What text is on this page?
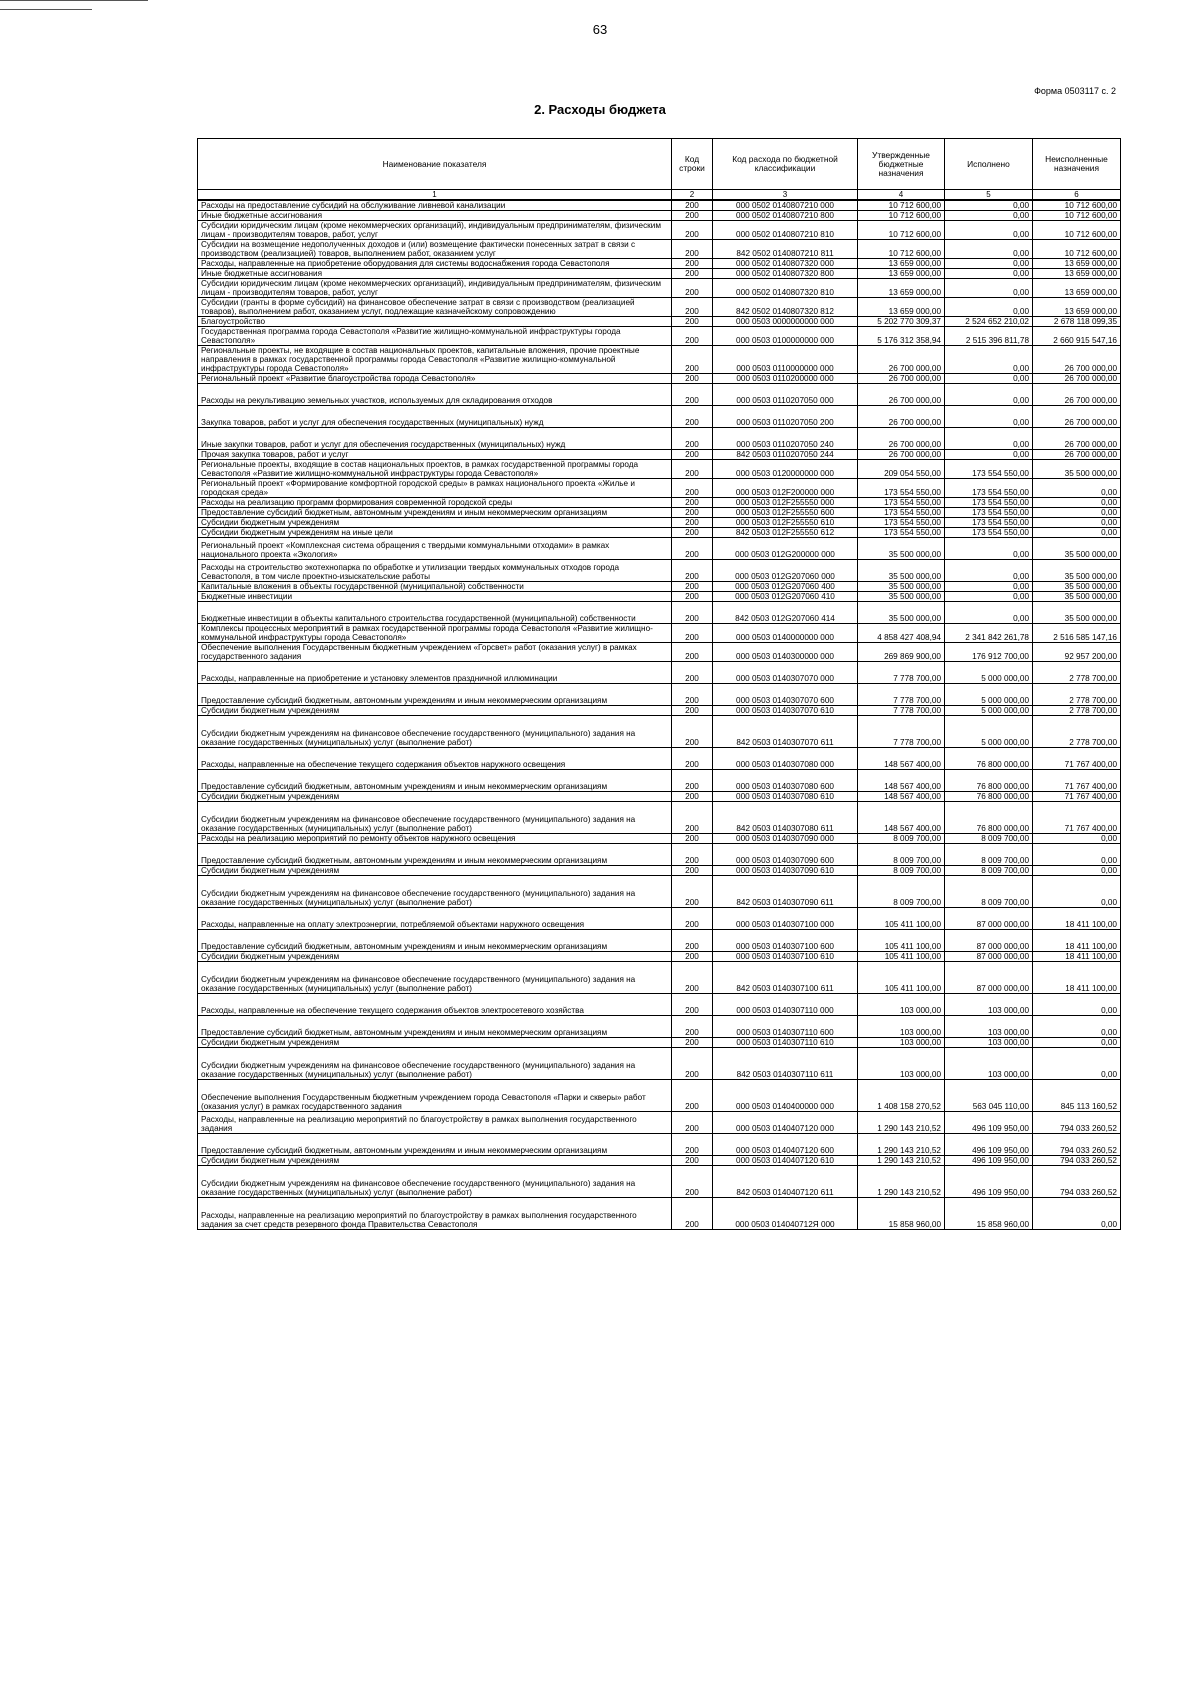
63
Форма 0503117 с. 2
2. Расходы бюджета
Наименование показателя	Код строки	Код расхода по бюджетной классификации	Утвержденные бюджетные назначения	Исполнено	Неисполненные назначения
1	2	3	4	5	6
Расходы на предоставление субсидий на обслуживание ливневой канализации	200	000 0502 0140807210 000	10 712 600,00	0,00	10 712 600,00
Иные бюджетные ассигнования	200	000 0502 0140807210 800	10 712 600,00	0,00	10 712 600,00
Субсидии юридическим лицам (кроме некоммерческих организаций), индивидуальным предпринимателям, физическим лицам - производителям товаров, работ, услуг	200	000 0502 0140807210 810	10 712 600,00	0,00	10 712 600,00
Субсидии на возмещение недополученных доходов и (или) возмещение фактически понесенных затрат в связи с производством (реализацией) товаров, выполнением работ, оказанием услуг	200	842 0502 0140807210 811	10 712 600,00	0,00	10 712 600,00
Расходы, направленные на приобретение оборудования для системы водоснабжения города Севастополя	200	000 0502 0140807320 000	13 659 000,00	0,00	13 659 000,00
Иные бюджетные ассигнования	200	000 0502 0140807320 800	13 659 000,00	0,00	13 659 000,00
Субсидии юридическим лицам (кроме некоммерческих организаций), индивидуальным предпринимателям, физическим лицам - производителям товаров, работ, услуг	200	000 0502 0140807320 810	13 659 000,00	0,00	13 659 000,00
Субсидии (гранты в форме субсидий) на финансовое обеспечение затрат в связи с производством (реализацией товаров), выполнением работ, оказанием услуг, подлежащие казначейскому сопровождению	200	842 0502 0140807320 812	13 659 000,00	0,00	13 659 000,00
Благоустройство	200	000 0503 0000000000 000	5 202 770 309,37	2 524 652 210,02	2 678 118 099,35
Государственная программа города Севастополя «Развитие жилищно-коммунальной инфраструктуры города Севастополя»	200	000 0503 0100000000 000	5 176 312 358,94	2 515 396 811,78	2 660 915 547,16
Региональные проекты, не входящие в состав национальных проектов, капитальные вложения, прочие проектные направления в рамках государственной программы города Севастополя «Развитие жилищно-коммунальной инфраструктуры города Севастополя»	200	000 0503 0110000000 000	26 700 000,00	0,00	26 700 000,00
Региональный проект «Развитие благоустройства города Севастополя»	200	000 0503 0110200000 000	26 700 000,00	0,00	26 700 000,00
Расходы на рекультивацию земельных участков, используемых для складирования отходов	200	000 0503 0110207050 000	26 700 000,00	0,00	26 700 000,00
Закупка товаров, работ и услуг для обеспечения государственных (муниципальных) нужд	200	000 0503 0110207050 200	26 700 000,00	0,00	26 700 000,00
Иные закупки товаров, работ и услуг для обеспечения государственных (муниципальных) нужд	200	000 0503 0110207050 240	26 700 000,00	0,00	26 700 000,00
Прочая закупка товаров, работ и услуг	200	842 0503 0110207050 244	26 700 000,00	0,00	26 700 000,00
Региональные проекты, входящие в состав национальных проектов, в рамках государственной программы города Севастополя «Развитие жилищно-коммунальной инфраструктуры города Севастополя»	200	000 0503 0120000000 000	209 054 550,00	173 554 550,00	35 500 000,00
Региональный проект «Формирование комфортной городской среды» в рамках национального проекта «Жилье и городская среда»	200	000 0503 012F200000 000	173 554 550,00	173 554 550,00	0,00
Расходы на реализацию программ формирования современной городской среды	200	000 0503 012F255550 000	173 554 550,00	173 554 550,00	0,00
Предоставление субсидий бюджетным, автономным учреждениям и иным некоммерческим организациям	200	000 0503 012F255550 600	173 554 550,00	173 554 550,00	0,00
Субсидии бюджетным учреждениям	200	000 0503 012F255550 610	173 554 550,00	173 554 550,00	0,00
Субсидии бюджетным учреждениям на иные цели	200	842 0503 012F255550 612	173 554 550,00	173 554 550,00	0,00
Региональный проект «Комплексная система обращения с твердыми коммунальными отходами» в рамках национального проекта «Экология»	200	000 0503 012G200000 000	35 500 000,00	0,00	35 500 000,00
Расходы на строительство экотехнопарка по обработке и утилизации твердых коммунальных отходов города Севастополя, в том числе проектно-изыскательские работы	200	000 0503 012G207060 000	35 500 000,00	0,00	35 500 000,00
Капитальные вложения в объекты государственной (муниципальной) собственности	200	000 0503 012G207060 400	35 500 000,00	0,00	35 500 000,00
Бюджетные инвестиции	200	000 0503 012G207060 410	35 500 000,00	0,00	35 500 000,00
Бюджетные инвестиции в объекты капитального строительства государственной (муниципальной) собственности	200	842 0503 012G207060 414	35 500 000,00	0,00	35 500 000,00
Комплексы процессных мероприятий в рамках государственной программы города Севастополя «Развитие жилищно-коммунальной инфраструктуры города Севастополя»	200	000 0503 0140000000 000	4 858 427 408,94	2 341 842 261,78	2 516 585 147,16
Обеспечение выполнения Государственным бюджетным учреждением «Горсвет» работ (оказания услуг) в рамках государственного задания	200	000 0503 0140300000 000	269 869 900,00	176 912 700,00	92 957 200,00
Расходы, направленные на приобретение и установку элементов праздничной иллюминации	200	000 0503 0140307070 000	7 778 700,00	5 000 000,00	2 778 700,00
Предоставление субсидий бюджетным, автономным учреждениям и иным некоммерческим организациям	200	000 0503 0140307070 600	7 778 700,00	5 000 000,00	2 778 700,00
Субсидии бюджетным учреждениям	200	000 0503 0140307070 610	7 778 700,00	5 000 000,00	2 778 700,00
Субсидии бюджетным учреждениям на финансовое обеспечение государственного (муниципального) задания на оказание государственных (муниципальных) услуг (выполнение работ)	200	842 0503 0140307070 611	7 778 700,00	5 000 000,00	2 778 700,00
Расходы, направленные на обеспечение текущего содержания объектов наружного освещения	200	000 0503 0140307080 000	148 567 400,00	76 800 000,00	71 767 400,00
Предоставление субсидий бюджетным, автономным учреждениям и иным некоммерческим организациям	200	000 0503 0140307080 600	148 567 400,00	76 800 000,00	71 767 400,00
Субсидии бюджетным учреждениям	200	000 0503 0140307080 610	148 567 400,00	76 800 000,00	71 767 400,00
Субсидии бюджетным учреждениям на финансовое обеспечение государственного (муниципального) задания на оказание государственных (муниципальных) услуг (выполнение работ)	200	842 0503 0140307080 611	148 567 400,00	76 800 000,00	71 767 400,00
Расходы на реализацию мероприятий по ремонту объектов наружного освещения	200	000 0503 0140307090 000	8 009 700,00	8 009 700,00	0,00
Предоставление субсидий бюджетным, автономным учреждениям и иным некоммерческим организациям	200	000 0503 0140307090 600	8 009 700,00	8 009 700,00	0,00
Субсидии бюджетным учреждениям	200	000 0503 0140307090 610	8 009 700,00	8 009 700,00	0,00
Субсидии бюджетным учреждениям на финансовое обеспечение государственного (муниципального) задания на оказание государственных (муниципальных) услуг (выполнение работ)	200	842 0503 0140307090 611	8 009 700,00	8 009 700,00	0,00
Расходы, направленные на оплату электроэнергии, потребляемой объектами наружного освещения	200	000 0503 0140307100 000	105 411 100,00	87 000 000,00	18 411 100,00
Предоставление субсидий бюджетным, автономным учреждениям и иным некоммерческим организациям	200	000 0503 0140307100 600	105 411 100,00	87 000 000,00	18 411 100,00
Субсидии бюджетным учреждениям	200	000 0503 0140307100 610	105 411 100,00	87 000 000,00	18 411 100,00
Субсидии бюджетным учреждениям на финансовое обеспечение государственного (муниципального) задания на оказание государственных (муниципальных) услуг (выполнение работ)	200	842 0503 0140307100 611	105 411 100,00	87 000 000,00	18 411 100,00
Расходы, направленные на обеспечение текущего содержания объектов электросетевого хозяйства	200	000 0503 0140307110 000	103 000,00	103 000,00	0,00
Предоставление субсидий бюджетным, автономным учреждениям и иным некоммерческим организациям	200	000 0503 0140307110 600	103 000,00	103 000,00	0,00
Субсидии бюджетным учреждениям	200	000 0503 0140307110 610	103 000,00	103 000,00	0,00
Субсидии бюджетным учреждениям на финансовое обеспечение государственного (муниципального) задания на оказание государственных (муниципальных) услуг (выполнение работ)	200	842 0503 0140307110 611	103 000,00	103 000,00	0,00
Обеспечение выполнения Государственным бюджетным учреждением города Севастополя «Парки и скверы» работ (оказания услуг) в рамках государственного задания	200	000 0503 0140400000 000	1 408 158 270,52	563 045 110,00	845 113 160,52
Расходы, направленные на реализацию мероприятий по благоустройству в рамках выполнения государственного задания	200	000 0503 0140407120 000	1 290 143 210,52	496 109 950,00	794 033 260,52
Предоставление субсидий бюджетным, автономным учреждениям и иным некоммерческим организациям	200	000 0503 0140407120 600	1 290 143 210,52	496 109 950,00	794 033 260,52
Субсидии бюджетным учреждениям	200	000 0503 0140407120 610	1 290 143 210,52	496 109 950,00	794 033 260,52
Субсидии бюджетным учреждениям на финансовое обеспечение государственного (муниципального) задания на оказание государственных (муниципальных) услуг (выполнение работ)	200	842 0503 0140407120 611	1 290 143 210,52	496 109 950,00	794 033 260,52
Расходы, направленные на реализацию мероприятий по благоустройству в рамках выполнения государственного задания за счет средств резервного фонда Правительства Севастополя	200	000 0503 014040712Я 000	15 858 960,00	15 858 960,00	0,00
